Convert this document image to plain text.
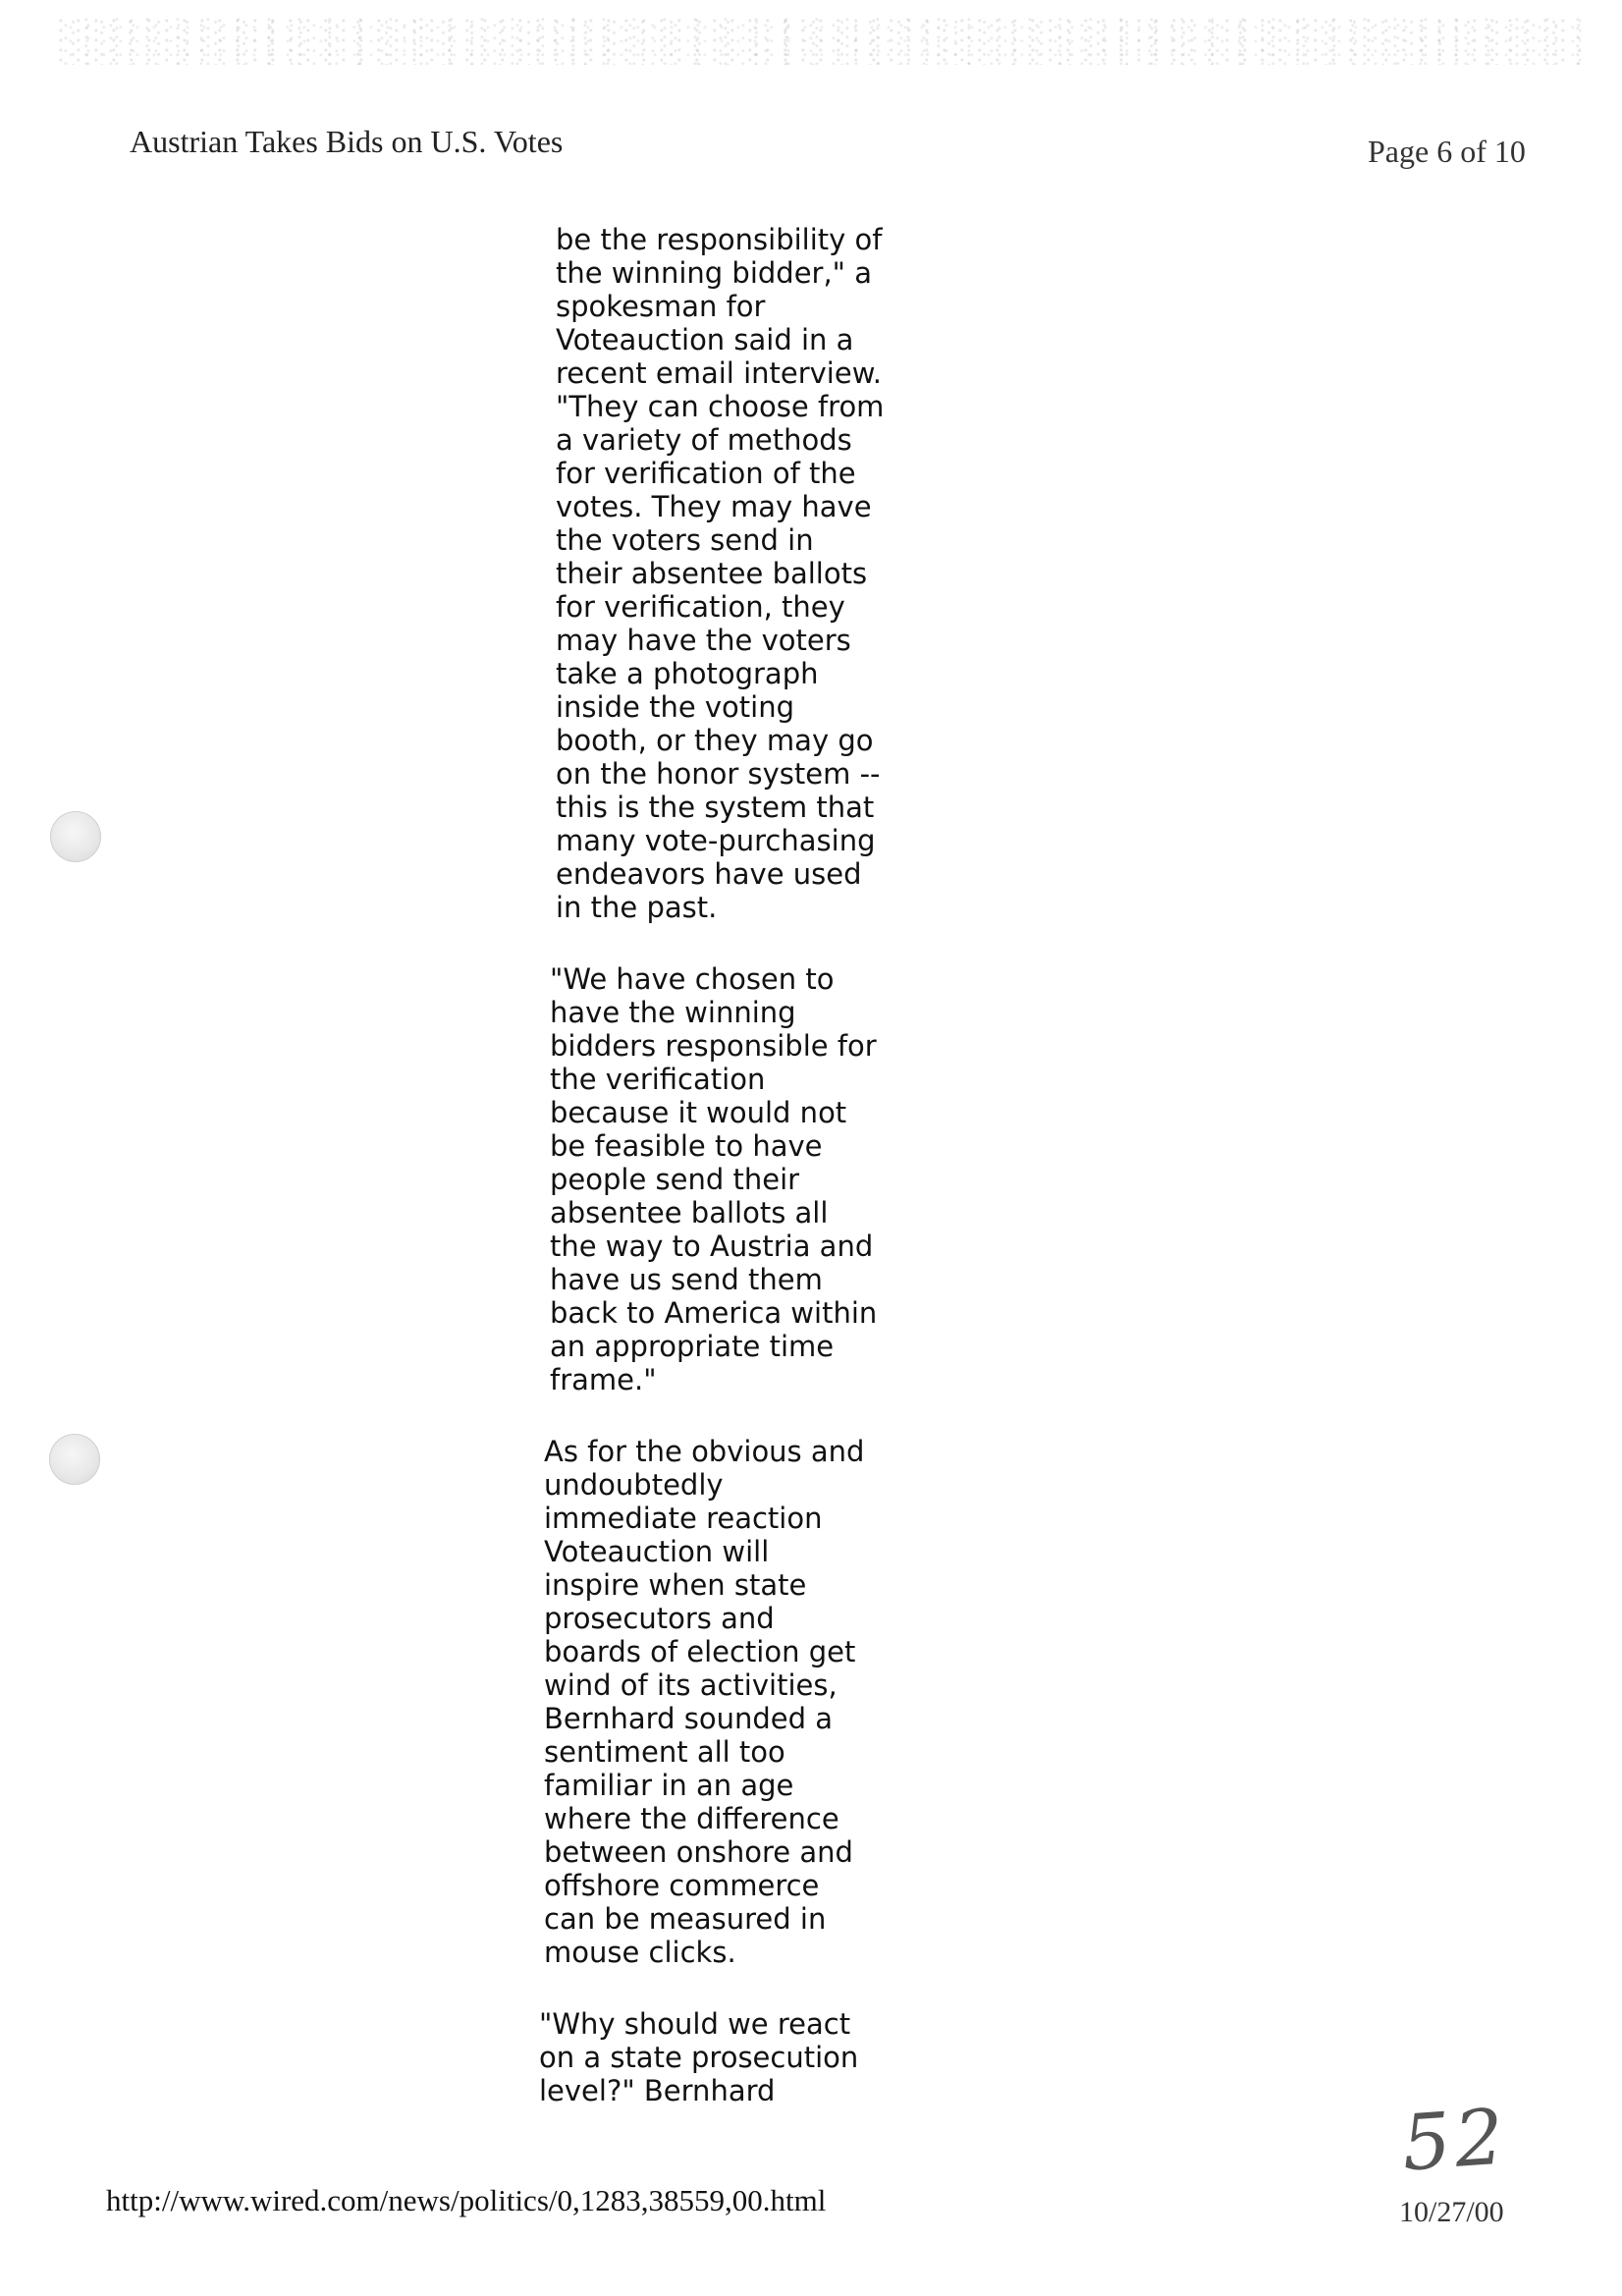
Austrian Takes Bids on U.S. Votes	Page 6 of 10
be the responsibility of
the winning bidder," a
spokesman for
Voteauction said in a
recent email interview.
"They can choose from
a variety of methods
for verification of the
votes. They may have
the voters send in
their absentee ballots
for verification, they
may have the voters
take a photograph
inside the voting
booth, or they may go
on the honor system --
this is the system that
many vote-purchasing
endeavors have used
in the past.
"We have chosen to
have the winning
bidders responsible for
the verification
because it would not
be feasible to have
people send their
absentee ballots all
the way to Austria and
have us send them
back to America within
an appropriate time
frame."
As for the obvious and
undoubtedly
immediate reaction
Voteauction will
inspire when state
prosecutors and
boards of election get
wind of its activities,
Bernhard sounded a
sentiment all too
familiar in an age
where the difference
between onshore and
offshore commerce
can be measured in
mouse clicks.
"Why should we react
on a state prosecution
level?" Bernhard
52
http://www.wired.com/news/politics/0,1283,38559,00.html	10/27/00
